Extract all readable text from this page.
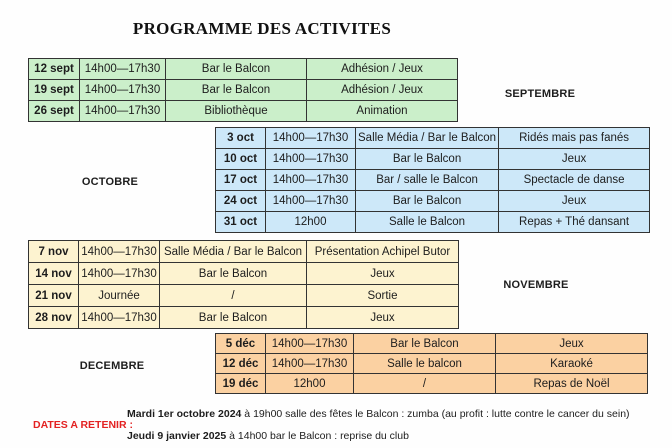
PROGRAMME DES ACTIVITES
12 sept	14h00—17h30	Bar le Balcon	Adhésion / Jeux
19 sept	14h00—17h30	Bar le Balcon	Adhésion / Jeux
26 sept	14h00—17h30	Bibliothèque	Animation
SEPTEMBRE
3 oct	14h00—17h30	Salle Média / Bar le Balcon	Ridés mais pas fanés
10 oct	14h00—17h30	Bar le Balcon	Jeux
17 oct	14h00—17h30	Bar / salle le Balcon	Spectacle de danse
24 oct	14h00—17h30	Bar le Balcon	Jeux
31 oct	12h00	Salle le Balcon	Repas + Thé dansant
OCTOBRE
7 nov	14h00—17h30	Salle Média / Bar le Balcon	Présentation Achipel Butor
14 nov	14h00—17h30	Bar le Balcon	Jeux
21 nov	Journée	/	Sortie
28 nov	14h00—17h30	Bar le Balcon	Jeux
NOVEMBRE
5 déc	14h00—17h30	Bar le Balcon	Jeux
12 déc	14h00—17h30	Salle le balcon	Karaoké
19 déc	12h00	/	Repas de Noël
DECEMBRE
DATES A RETENIR :
Mardi 1er octobre 2024 à 19h00 salle des fêtes le Balcon : zumba (au profit : lutte contre le cancer du sein)
Jeudi 9 janvier 2025 à 14h00 bar le Balcon : reprise du club
